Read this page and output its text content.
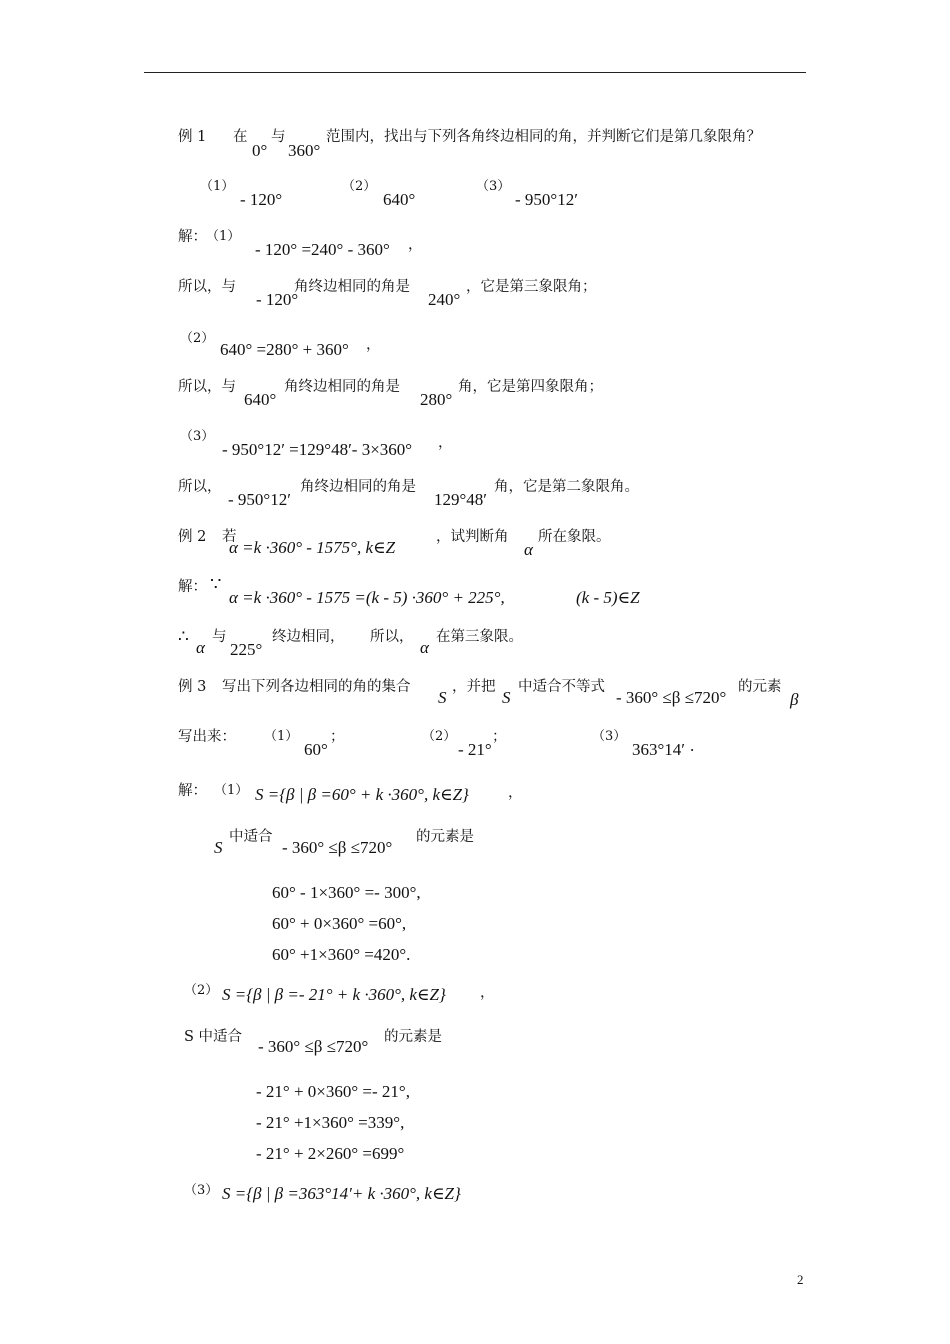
例 1 在
0°
与
360°
范围内，找出与下列各角终边相同的角，并判断它们是第几象限角？
（1）
- 120°
（2）
640°
（3）
- 950°12′
解： （1）
- 120° =240° - 360° ，
所以，与
- 120°
角终边相同的角是
240°
，它是第三象限角；
（2）
640° =280° + 360° ，
所以，与
640°
角终边相同的角是
280°
角，它是第四象限角；
（3）
- 950°12′ =129°48′- 3×360° ，
所以，
- 950°12′
角终边相同的角是
129°48′
角，它是第二象限角。
例 2 若
α =k ·360° - 1575°, k∈Z
，试判断角
α
所在象限。
解： ∵
α =k ·360° - 1575 =(k - 5) ·360° + 225°,	(k - 5)∈Z
∴
α
与
225°
终边相同， 所以，
α
在第三象限。
例 3 写出下列各边相同的角的集合
S
，并把
S
中适合不等式
- 360° ≤β ≤720°
的元素
β
写出来： （1）
60°
；	（2）
- 21°
；	（3）
363°14′ .
解： （1） S ={β | β =60° + k ·360°, k∈Z}	，
S
中适合
- 360° ≤β ≤720°
的元素是
60° - 1×360° =- 300°,
60° + 0×360° =60°,
60° +1×360° =420°.
（2） S ={β | β =- 21° + k ·360°, k∈Z} ，
S 中适合 - 360° ≤β ≤720° 的元素是
- 21° + 0×360° =- 21°,
- 21° +1×360° =339°,
- 21° + 2×260° =699°
（3） S ={β | β =363°14′+ k ·360°, k∈Z}
2
